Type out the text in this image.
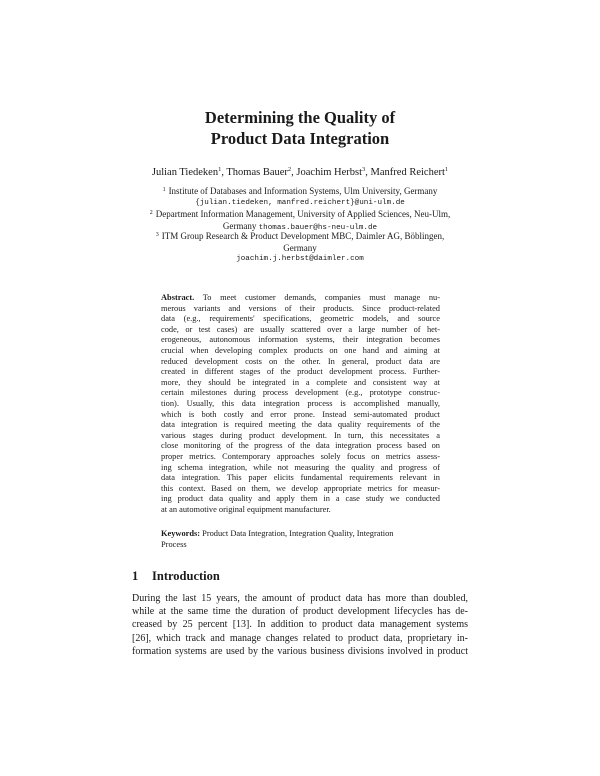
Determining the Quality of
Product Data Integration
Julian Tiedeken$^1$, Thomas Bauer$^2$, Joachim Herbst$^3$, Manfred Reichert$^1$
$^1$ Institute of Databases and Information Systems, Ulm University, Germany
{julian.tiedeken, manfred.reichert}@uni-ulm.de
$^2$ Department Information Management, University of Applied Sciences, Neu-Ulm,
Germany thomas.bauer@hs-neu-ulm.de
$^3$ ITM Group Research & Product Development MBC, Daimler AG, Böblingen,
Germany
joachim.j.herbst@daimler.com

Abstract. To meet customer demands, companies must manage nu-

merous variants and versions of their products. Since product-related

data (e.g., requirements' specifications, geometric models, and source

code, or test cases) are usually scattered over a large number of het-

erogeneous, autonomous information systems, their integration becomes

crucial when developing complex products on one hand and aiming at

reduced development costs on the other. In general, product data are

created in different stages of the product development process. Further-

more, they should be integrated in a complete and consistent way at

certain milestones during process development (e.g., prototype construc-

tion). Usually, this data integration process is accomplished manually,

which is both costly and error prone. Instead semi-automated product

data integration is required meeting the data quality requirements of the

various stages during product development. In turn, this necessitates a

close monitoring of the progress of the data integration process based on

proper metrics. Contemporary approaches solely focus on metrics assess-

ing schema integration, while not measuring the quality and progress of

data integration. This paper elicits fundamental requirements relevant in

this context. Based on them, we develop appropriate metrics for measur-

ing product data quality and apply them in a case study we conducted

at an automotive original equipment manufacturer.

Keywords: Product Data Integration, Integration Quality, Integration

Process

1 Introduction

During the last 15 years, the amount of product data has more than doubled,

while at the same time the duration of product development lifecycles has de-

creased by 25 percent [13]. In addition to product data management systems

[26], which track and manage changes related to product data, proprietary in-

formation systems are used by the various business divisions involved in product
